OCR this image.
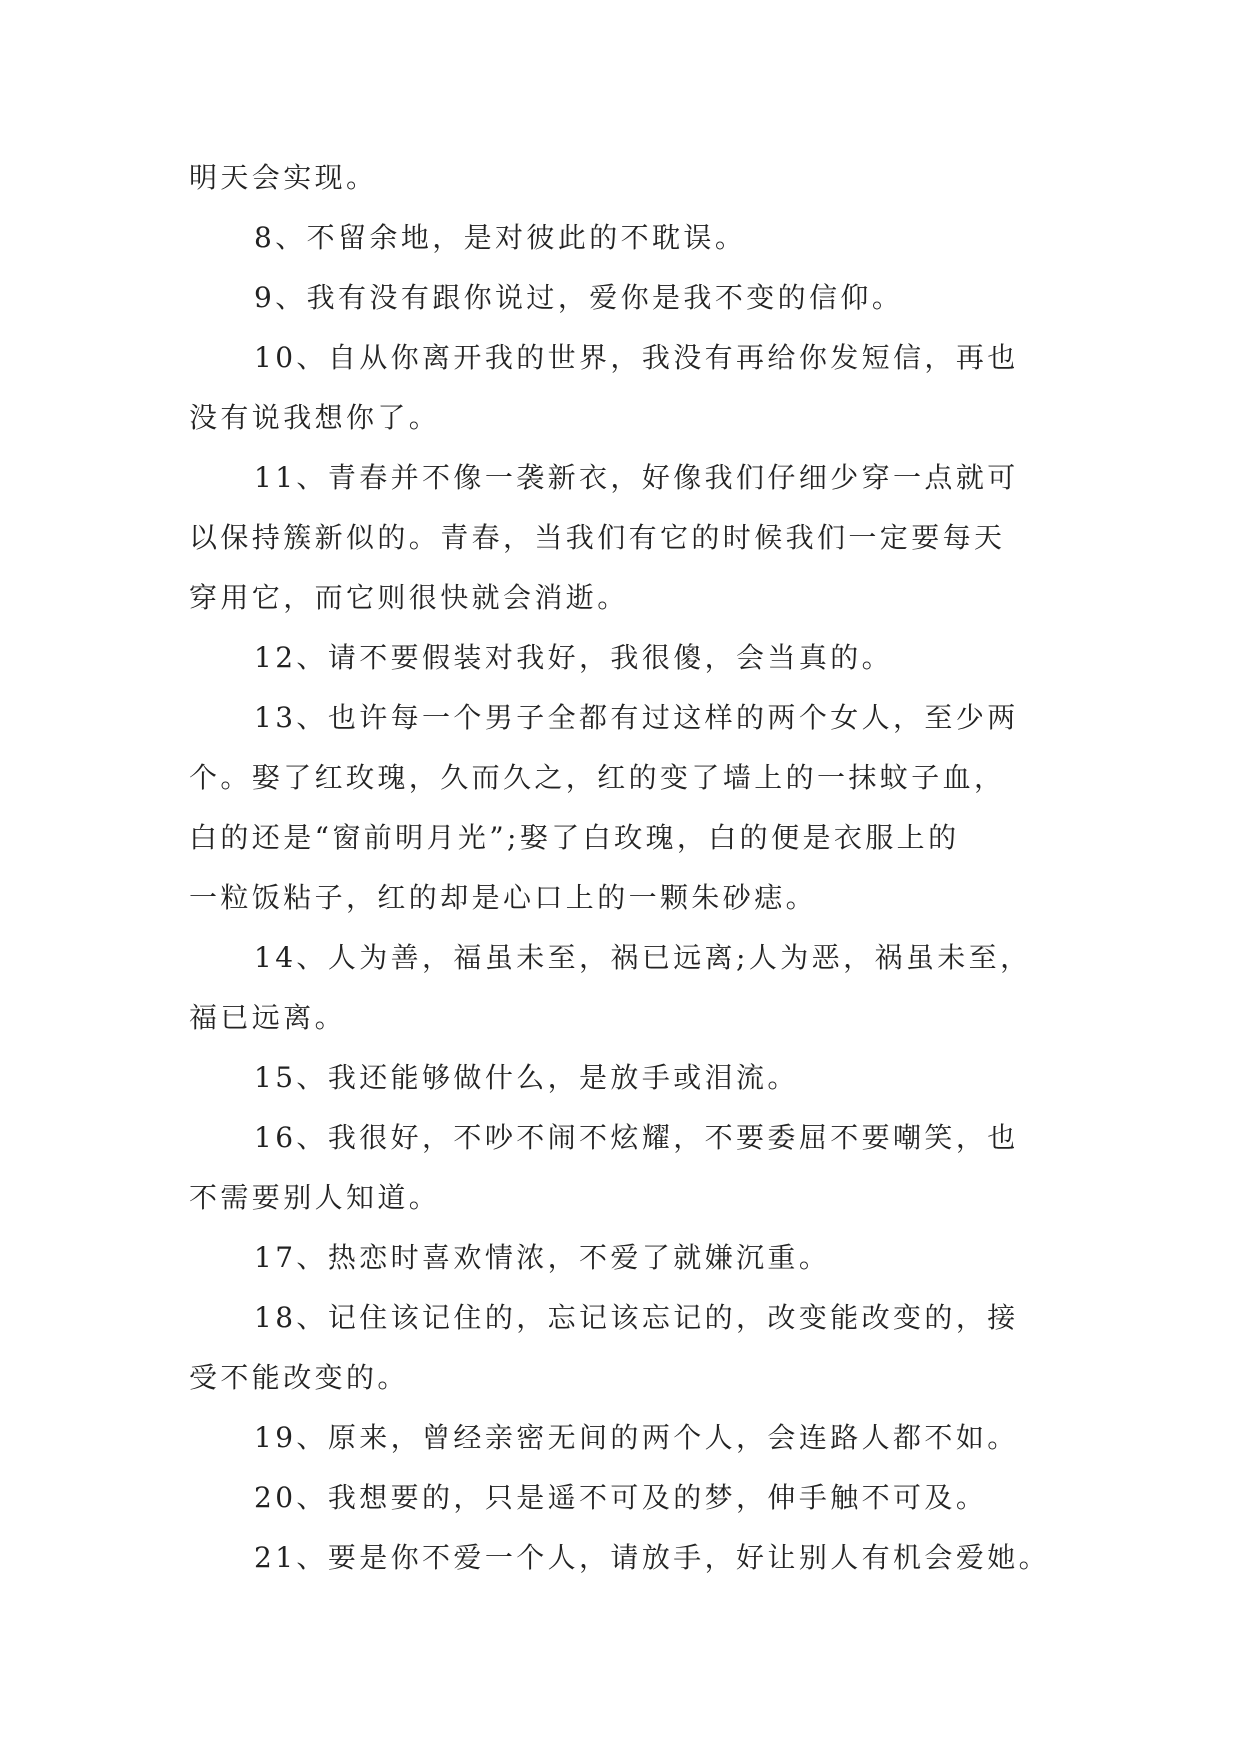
明天会实现。
8、不留余地，是对彼此的不耽误。
9、我有没有跟你说过，爱你是我不变的信仰。
10、自从你离开我的世界，我没有再给你发短信，再也
没有说我想你了。
11、青春并不像一袭新衣，好像我们仔细少穿一点就可
以保持簇新似的。青春，当我们有它的时候我们一定要每天
穿用它，而它则很快就会消逝。
12、请不要假装对我好，我很傻，会当真的。
13、也许每一个男子全都有过这样的两个女人，至少两
个。娶了红玫瑰，久而久之，红的变了墙上的一抹蚊子血，
白的还是“窗前明月光”;娶了白玫瑰，白的便是衣服上的
一粒饭粘子，红的却是心口上的一颗朱砂痣。
14、人为善，福虽未至，祸已远离;人为恶，祸虽未至，
福已远离。
15、我还能够做什么，是放手或泪流。
16、我很好，不吵不闹不炫耀，不要委屈不要嘲笑，也
不需要别人知道。
17、热恋时喜欢情浓，不爱了就嫌沉重。
18、记住该记住的，忘记该忘记的，改变能改变的，接
受不能改变的。
19、原来，曾经亲密无间的两个人，会连路人都不如。
20、我想要的，只是遥不可及的梦，伸手触不可及。
21、要是你不爱一个人，请放手，好让别人有机会爱她。
